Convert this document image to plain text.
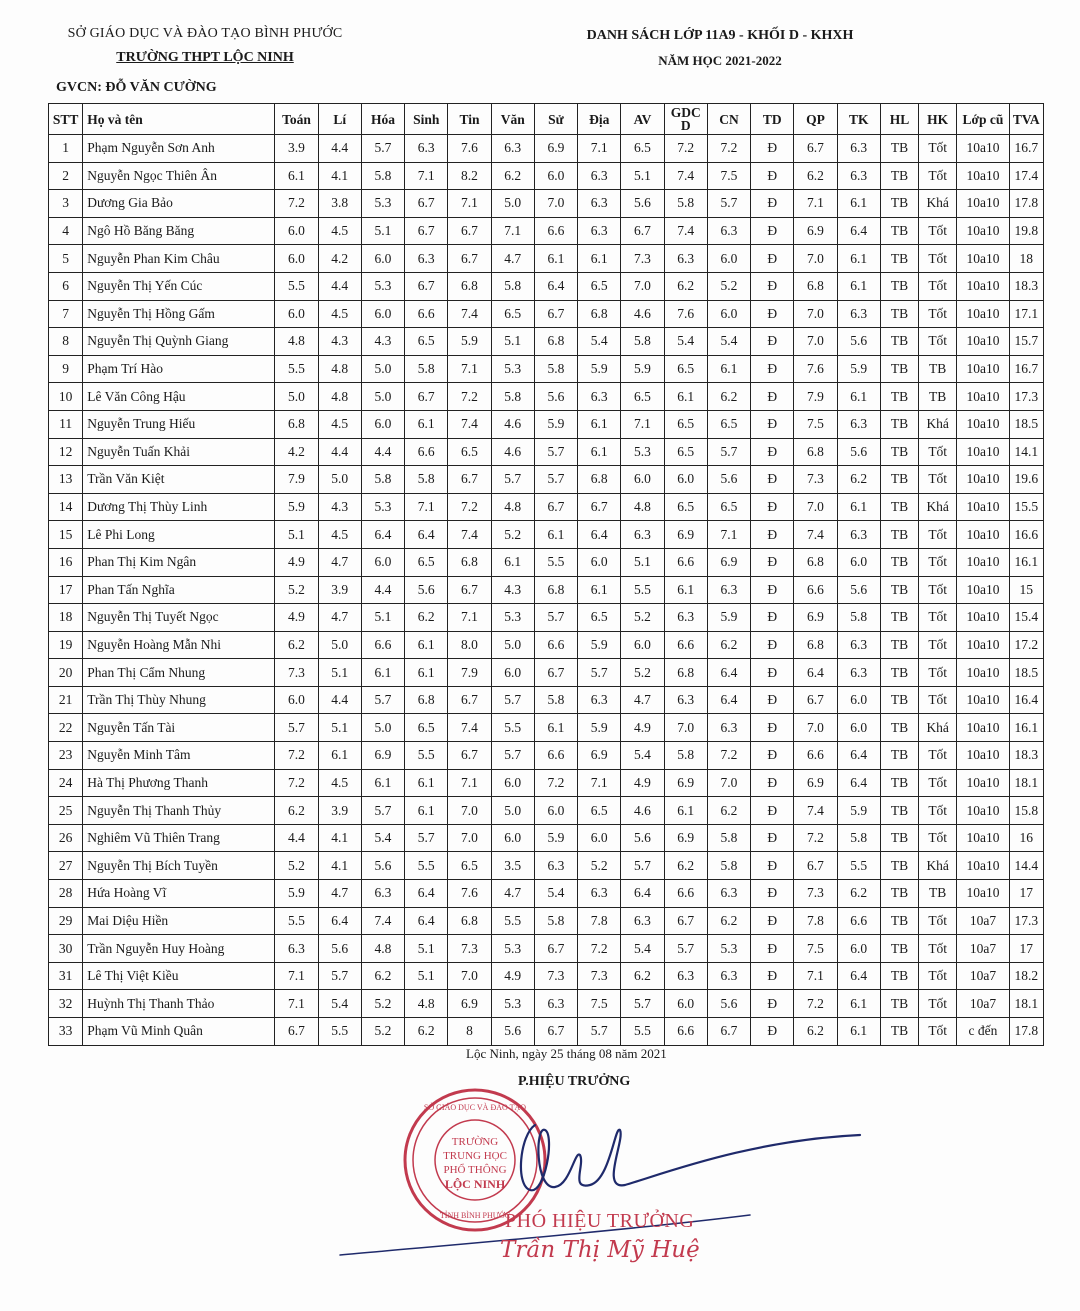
SỞ GIÁO DỤC VÀ ĐÀO TẠO BÌNH PHƯỚC
TRƯỜNG THPT LỘC NINH
DANH SÁCH LỚP 11A9 - KHỐI D - KHXH
NĂM HỌC 2021-2022
GVCN: ĐỖ VĂN CƯỜNG
STT	Họ và tên	Toán	Lí	Hóa	Sinh	Tin	Văn	Sử	Địa	AV	GDC
D	CN	TD	QP	TK	HL	HK	Lớp cũ	TVA
1	Phạm Nguyễn Sơn Anh	3.9	4.4	5.7	6.3	7.6	6.3	6.9	7.1	6.5	7.2	7.2	Đ	6.7	6.3	TB	Tốt	10a10	16.7
2	Nguyễn Ngọc Thiên Ân	6.1	4.1	5.8	7.1	8.2	6.2	6.0	6.3	5.1	7.4	7.5	Đ	6.2	6.3	TB	Tốt	10a10	17.4
3	Dương Gia Bảo	7.2	3.8	5.3	6.7	7.1	5.0	7.0	6.3	5.6	5.8	5.7	Đ	7.1	6.1	TB	Khá	10a10	17.8
4	Ngô Hồ Băng Băng	6.0	4.5	5.1	6.7	6.7	7.1	6.6	6.3	6.7	7.4	6.3	Đ	6.9	6.4	TB	Tốt	10a10	19.8
5	Nguyễn Phan Kim Châu	6.0	4.2	6.0	6.3	6.7	4.7	6.1	6.1	7.3	6.3	6.0	Đ	7.0	6.1	TB	Tốt	10a10	18
6	Nguyễn Thị Yến Cúc	5.5	4.4	5.3	6.7	6.8	5.8	6.4	6.5	7.0	6.2	5.2	Đ	6.8	6.1	TB	Tốt	10a10	18.3
7	Nguyễn Thị Hồng Gấm	6.0	4.5	6.0	6.6	7.4	6.5	6.7	6.8	4.6	7.6	6.0	Đ	7.0	6.3	TB	Tốt	10a10	17.1
8	Nguyễn Thị Quỳnh Giang	4.8	4.3	4.3	6.5	5.9	5.1	6.8	5.4	5.8	5.4	5.4	Đ	7.0	5.6	TB	Tốt	10a10	15.7
9	Phạm Trí Hào	5.5	4.8	5.0	5.8	7.1	5.3	5.8	5.9	5.9	6.5	6.1	Đ	7.6	5.9	TB	TB	10a10	16.7
10	Lê Văn Công Hậu	5.0	4.8	5.0	6.7	7.2	5.8	5.6	6.3	6.5	6.1	6.2	Đ	7.9	6.1	TB	TB	10a10	17.3
11	Nguyễn Trung Hiếu	6.8	4.5	6.0	6.1	7.4	4.6	5.9	6.1	7.1	6.5	6.5	Đ	7.5	6.3	TB	Khá	10a10	18.5
12	Nguyễn Tuấn Khải	4.2	4.4	4.4	6.6	6.5	4.6	5.7	6.1	5.3	6.5	5.7	Đ	6.8	5.6	TB	Tốt	10a10	14.1
13	Trần Văn Kiệt	7.9	5.0	5.8	5.8	6.7	5.7	5.7	6.8	6.0	6.0	5.6	Đ	7.3	6.2	TB	Tốt	10a10	19.6
14	Dương Thị Thùy Linh	5.9	4.3	5.3	7.1	7.2	4.8	6.7	6.7	4.8	6.5	6.5	Đ	7.0	6.1	TB	Khá	10a10	15.5
15	Lê Phi Long	5.1	4.5	6.4	6.4	7.4	5.2	6.1	6.4	6.3	6.9	7.1	Đ	7.4	6.3	TB	Tốt	10a10	16.6
16	Phan Thị Kim Ngân	4.9	4.7	6.0	6.5	6.8	6.1	5.5	6.0	5.1	6.6	6.9	Đ	6.8	6.0	TB	Tốt	10a10	16.1
17	Phan Tấn Nghĩa	5.2	3.9	4.4	5.6	6.7	4.3	6.8	6.1	5.5	6.1	6.3	Đ	6.6	5.6	TB	Tốt	10a10	15
18	Nguyễn Thị Tuyết Ngọc	4.9	4.7	5.1	6.2	7.1	5.3	5.7	6.5	5.2	6.3	5.9	Đ	6.9	5.8	TB	Tốt	10a10	15.4
19	Nguyễn Hoàng Mẫn Nhi	6.2	5.0	6.6	6.1	8.0	5.0	6.6	5.9	6.0	6.6	6.2	Đ	6.8	6.3	TB	Tốt	10a10	17.2
20	Phan Thị Cẩm Nhung	7.3	5.1	6.1	6.1	7.9	6.0	6.7	5.7	5.2	6.8	6.4	Đ	6.4	6.3	TB	Tốt	10a10	18.5
21	Trần Thị Thùy Nhung	6.0	4.4	5.7	6.8	6.7	5.7	5.8	6.3	4.7	6.3	6.4	Đ	6.7	6.0	TB	Tốt	10a10	16.4
22	Nguyễn Tấn Tài	5.7	5.1	5.0	6.5	7.4	5.5	6.1	5.9	4.9	7.0	6.3	Đ	7.0	6.0	TB	Khá	10a10	16.1
23	Nguyễn Minh Tâm	7.2	6.1	6.9	5.5	6.7	5.7	6.6	6.9	5.4	5.8	7.2	Đ	6.6	6.4	TB	Tốt	10a10	18.3
24	Hà Thị Phương Thanh	7.2	4.5	6.1	6.1	7.1	6.0	7.2	7.1	4.9	6.9	7.0	Đ	6.9	6.4	TB	Tốt	10a10	18.1
25	Nguyễn Thị Thanh Thủy	6.2	3.9	5.7	6.1	7.0	5.0	6.0	6.5	4.6	6.1	6.2	Đ	7.4	5.9	TB	Tốt	10a10	15.8
26	Nghiêm Vũ Thiên Trang	4.4	4.1	5.4	5.7	7.0	6.0	5.9	6.0	5.6	6.9	5.8	Đ	7.2	5.8	TB	Tốt	10a10	16
27	Nguyễn Thị Bích Tuyền	5.2	4.1	5.6	5.5	6.5	3.5	6.3	5.2	5.7	6.2	5.8	Đ	6.7	5.5	TB	Khá	10a10	14.4
28	Hứa Hoàng Vĩ	5.9	4.7	6.3	6.4	7.6	4.7	5.4	6.3	6.4	6.6	6.3	Đ	7.3	6.2	TB	TB	10a10	17
29	Mai Diệu Hiền	5.5	6.4	7.4	6.4	6.8	5.5	5.8	7.8	6.3	6.7	6.2	Đ	7.8	6.6	TB	Tốt	10a7	17.3
30	Trần Nguyễn Huy Hoàng	6.3	5.6	4.8	5.1	7.3	5.3	6.7	7.2	5.4	5.7	5.3	Đ	7.5	6.0	TB	Tốt	10a7	17
31	Lê Thị Việt Kiều	7.1	5.7	6.2	5.1	7.0	4.9	7.3	7.3	6.2	6.3	6.3	Đ	7.1	6.4	TB	Tốt	10a7	18.2
32	Huỳnh Thị Thanh Thảo	7.1	5.4	5.2	4.8	6.9	5.3	6.3	7.5	5.7	6.0	5.6	Đ	7.2	6.1	TB	Tốt	10a7	18.1
33	Phạm Vũ Minh Quân	6.7	5.5	5.2	6.2	8	5.6	6.7	5.7	5.5	6.6	6.7	Đ	6.2	6.1	TB	Tốt	c đến	17.8
Lộc Ninh, ngày 25 tháng 08 năm 2021
P.HIỆU TRƯỞNG
TRƯỜNG
TRUNG HỌC
PHỔ THÔNG
LỘC NINH
SỞ GIÁO DỤC VÀ ĐÀO TẠO
TỈNH BÌNH PHƯỚC
PHÓ HIỆU TRƯỞNG
Trần Thị Mỹ Huệ
